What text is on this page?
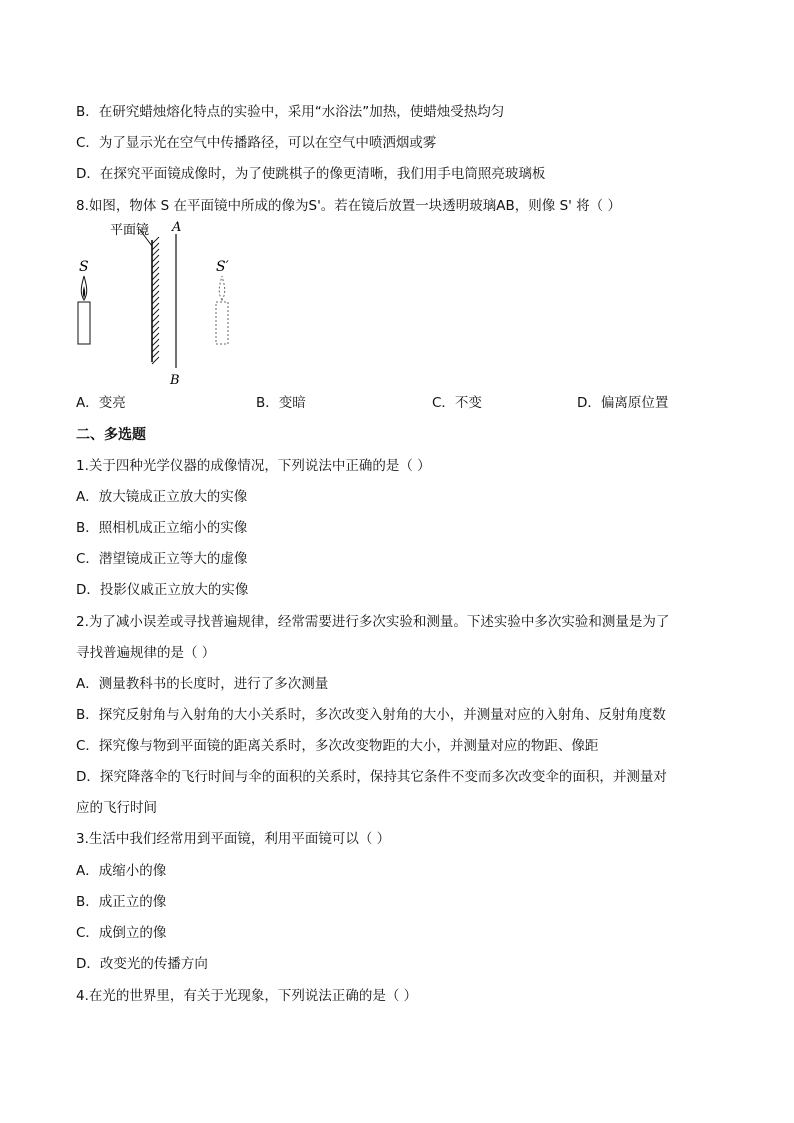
B．在研究蜡烛熔化特点的实验中，采用“水浴法”加热，使蜡烛受热均匀
C．为了显示光在空气中传播路径，可以在空气中喷洒烟或雾
D．在探究平面镜成像时，为了使跳棋子的像更清晰，我们用手电筒照亮玻璃板
8.如图，物体 S 在平面镜中所成的像为S'。若在镜后放置一块透明玻璃AB，则像 S' 将（ ）
平面镜 A
B
S	S′
A．变亮	B．变暗	C．不变	D．偏离原位置
二、多选题
1.关于四种光学仪器的成像情况，下列说法中正确的是（ ）
A．放大镜成正立放大的实像
B．照相机成正立缩小的实像
C．潜望镜成正立等大的虚像
D．投影仪戚正立放大的实像
2.为了减小误差或寻找普遍规律，经常需要进行多次实验和测量。下述实验中多次实验和测量是为了
寻找普遍规律的是（ ）
A．测量教科书的长度时，进行了多次测量
B．探究反射角与入射角的大小关系时，多次改变入射角的大小，并测量对应的入射角、反射角度数
C．探究像与物到平面镜的距离关系时，多次改变物距的大小，并测量对应的物距、像距
D．探究降落伞的飞行时间与伞的面积的关系时，保持其它条件不变而多次改变伞的面积，并测量对
应的飞行时间
3.生活中我们经常用到平面镜，利用平面镜可以（ ）
A．成缩小的像
B．成正立的像
C．成倒立的像
D．改变光的传播方向
4.在光的世界里，有关于光现象，下列说法正确的是（ ）
